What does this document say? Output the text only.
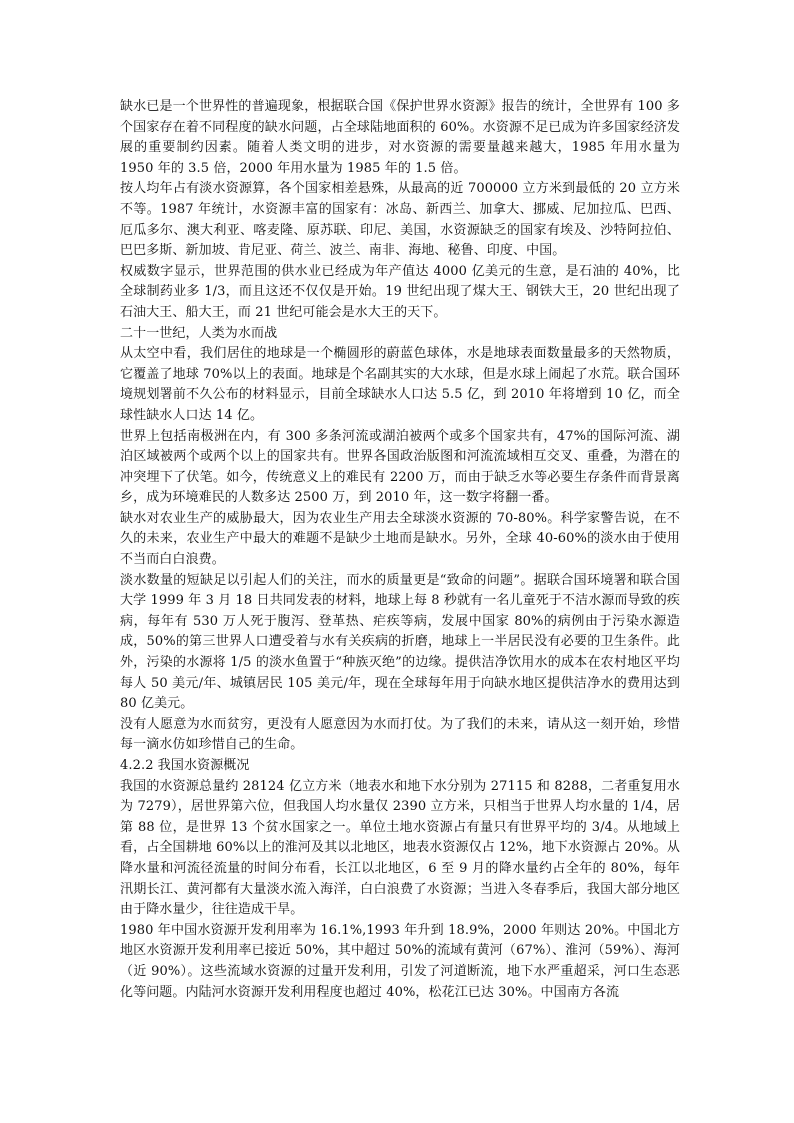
缺水已是一个世界性的普遍现象，根据联合国《保护世界水资源》报告的统计，全世界有 100 多个国家存在着不同程度的缺水问题，占全球陆地面积的 60%。水资源不足已成为许多国家经济发展的重要制约因素。随着人类文明的进步，对水资源的需要量越来越大，1985 年用水量为 1950 年的 3.5 倍，2000 年用水量为 1985 年的 1.5 倍。

按人均年占有淡水资源算，各个国家相差悬殊，从最高的近 700000 立方米到最低的 20 立方米不等。1987 年统计，水资源丰富的国家有：冰岛、新西兰、加拿大、挪威、尼加拉瓜、巴西、厄瓜多尔、澳大利亚、喀麦隆、原苏联、印尼、美国，水资源缺乏的国家有埃及、沙特阿拉伯、巴巴多斯、新加坡、肯尼亚、荷兰、波兰、南非、海地、秘鲁、印度、中国。

权威数字显示，世界范围的供水业已经成为年产值达 4000 亿美元的生意，是石油的 40%，比全球制药业多 1/3，而且这还不仅仅是开始。19 世纪出现了煤大王、钢铁大王，20 世纪出现了石油大王、船大王，而 21 世纪可能会是水大王的天下。

二十一世纪，人类为水而战

从太空中看，我们居住的地球是一个椭圆形的蔚蓝色球体，水是地球表面数量最多的天然物质，它覆盖了地球 70%以上的表面。地球是个名副其实的大水球，但是水球上闹起了水荒。联合国环境规划署前不久公布的材料显示，目前全球缺水人口达 5.5 亿，到 2010 年将增到 10 亿，而全球性缺水人口达 14 亿。

世界上包括南极洲在内，有 300 多条河流或湖泊被两个或多个国家共有，47%的国际河流、湖泊区域被两个或两个以上的国家共有。世界各国政治版图和河流流域相互交叉、重叠，为潜在的冲突埋下了伏笔。如今，传统意义上的难民有 2200 万，而由于缺乏水等必要生存条件而背景离乡，成为环境难民的人数多达 2500 万，到 2010 年，这一数字将翻一番。

缺水对农业生产的威胁最大，因为农业生产用去全球淡水资源的 70-80%。科学家警告说，在不久的未来，农业生产中最大的难题不是缺少土地而是缺水。另外，全球 40-60%的淡水由于使用不当而白白浪费。

淡水数量的短缺足以引起人们的关注，而水的质量更是“致命的问题”。据联合国环境署和联合国大学 1999 年 3 月 18 日共同发表的材料，地球上每 8 秒就有一名儿童死于不洁水源而导致的疾病，每年有 530 万人死于腹泻、登革热、疟疾等病，发展中国家 80%的病例由于污染水源造成，50%的第三世界人口遭受着与水有关疾病的折磨，地球上一半居民没有必要的卫生条件。此外，污染的水源将 1/5 的淡水鱼置于“种族灭绝”的边缘。提供洁净饮用水的成本在农村地区平均每人 50 美元/年、城镇居民 105 美元/年，现在全球每年用于向缺水地区提供洁净水的费用达到 80 亿美元。

没有人愿意为水而贫穷，更没有人愿意因为水而打仗。为了我们的未来，请从这一刻开始，珍惜每一滴水仿如珍惜自己的生命。

4.2.2 我国水资源概况

我国的水资源总量约 28124 亿立方米（地表水和地下水分别为 27115 和 8288，二者重复用水为 7279），居世界第六位，但我国人均水量仅 2390 立方米，只相当于世界人均水量的 1/4，居第 88 位，是世界 13 个贫水国家之一。单位土地水资源占有量只有世界平均的 3/4。从地域上看，占全国耕地 60%以上的淮河及其以北地区，地表水资源仅占 12%，地下水资源占 20%。从降水量和河流径流量的时间分布看，长江以北地区，6 至 9 月的降水量约占全年的 80%，每年汛期长江、黄河都有大量淡水流入海洋，白白浪费了水资源；当进入冬春季后，我国大部分地区由于降水量少，往往造成干旱。

1980 年中国水资源开发利用率为 16.1%,1993 年升到 18.9%，2000 年则达 20%。中国北方地区水资源开发利用率已接近 50%，其中超过 50%的流域有黄河（67%）、淮河（59%）、海河（近 90%）。这些流域水资源的过量开发利用，引发了河道断流，地下水严重超采，河口生态恶化等问题。内陆河水资源开发利用程度也超过 40%，松花江已达 30%。中国南方各流
